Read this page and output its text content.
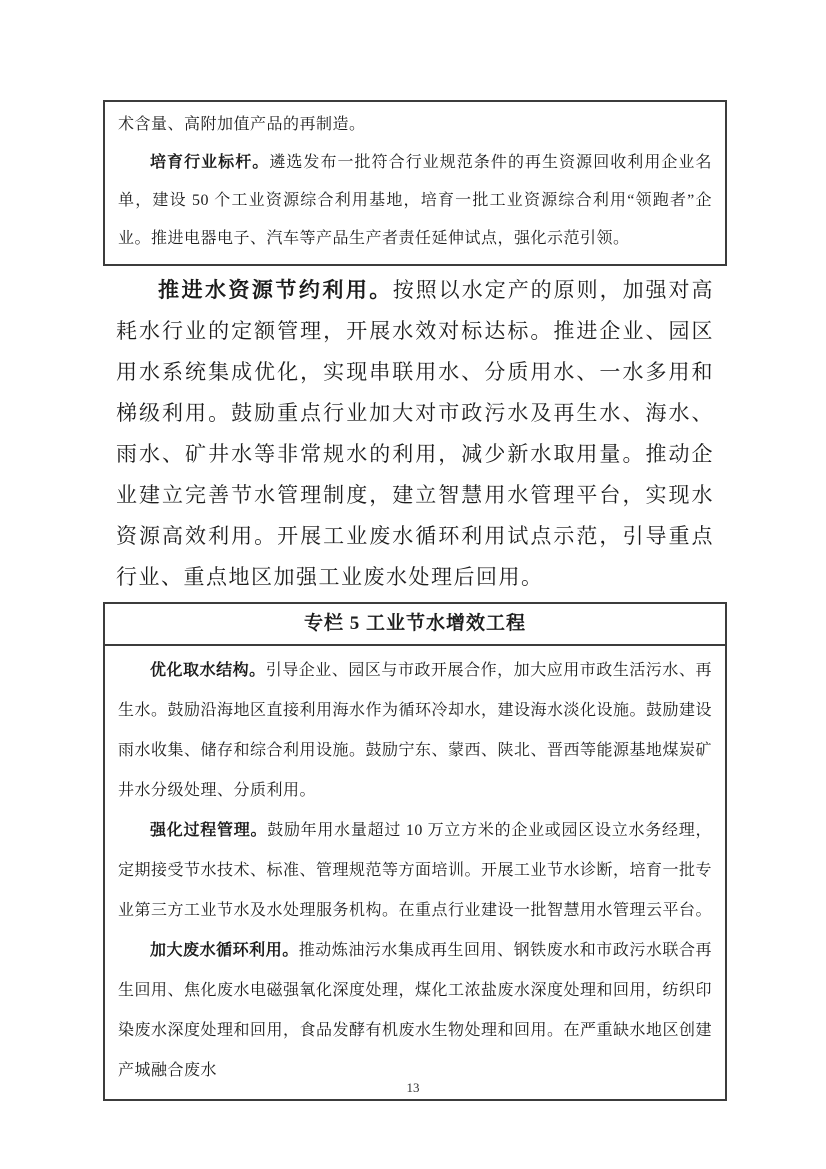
术含量、高附加值产品的再制造。

培育行业标杆。遴选发布一批符合行业规范条件的再生资源回收利用企业名单，建设 50 个工业资源综合利用基地，培育一批工业资源综合利用“领跑者”企业。推进电器电子、汽车等产品生产者责任延伸试点，强化示范引领。

推进水资源节约利用。按照以水定产的原则，加强对高耗水行业的定额管理，开展水效对标达标。推进企业、园区用水系统集成优化，实现串联用水、分质用水、一水多用和梯级利用。鼓励重点行业加大对市政污水及再生水、海水、雨水、矿井水等非常规水的利用，减少新水取用量。推动企业建立完善节水管理制度，建立智慧用水管理平台，实现水资源高效利用。开展工业废水循环利用试点示范，引导重点行业、重点地区加强工业废水处理后回用。

专栏 5 工业节水增效工程

优化取水结构。引导企业、园区与市政开展合作，加大应用市政生活污水、再生水。鼓励沿海地区直接利用海水作为循环冷却水，建设海水淡化设施。鼓励建设雨水收集、储存和综合利用设施。鼓励宁东、蒙西、陕北、晋西等能源基地煤炭矿井水分级处理、分质利用。

强化过程管理。鼓励年用水量超过 10 万立方米的企业或园区设立水务经理，定期接受节水技术、标准、管理规范等方面培训。开展工业节水诊断，培育一批专业第三方工业节水及水处理服务机构。在重点行业建设一批智慧用水管理云平台。

加大废水循环利用。推动炼油污水集成再生回用、钢铁废水和市政污水联合再生回用、焦化废水电磁强氧化深度处理，煤化工浓盐废水深度处理和回用，纺织印染废水深度处理和回用，食品发酵有机废水生物处理和回用。在严重缺水地区创建产城融合废水

13
